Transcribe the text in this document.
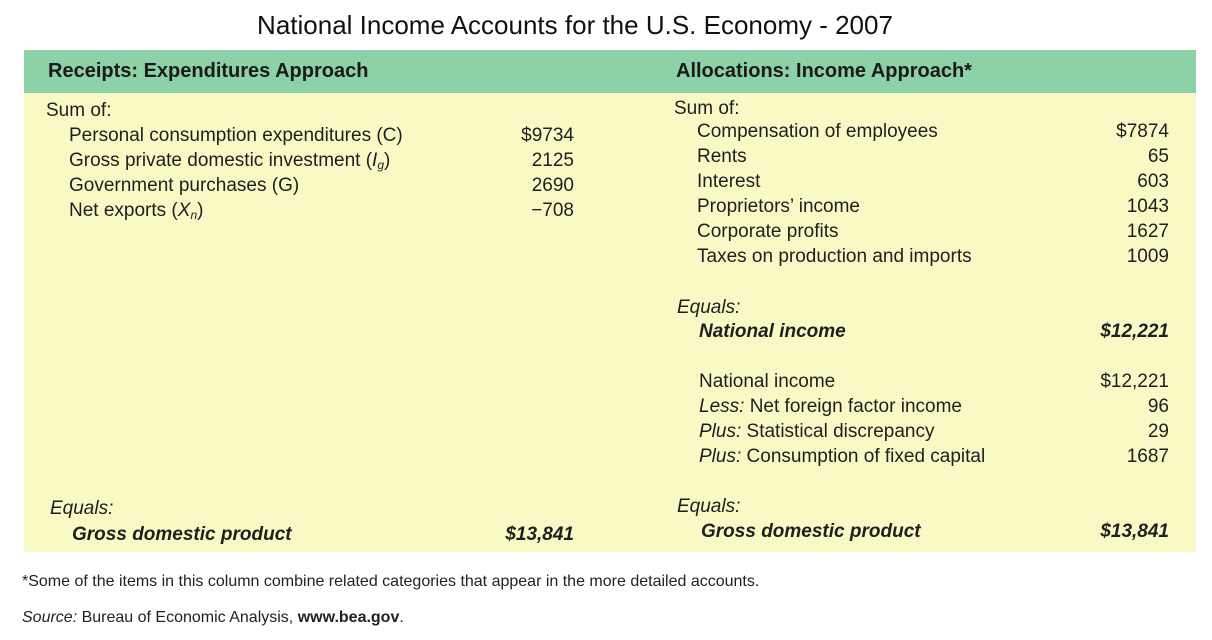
National Income Accounts for the U.S. Economy - 2007
Receipts: Expenditures Approach	Allocations: Income Approach*
Sum of:
Personal consumption expenditures (C)	$9734
Gross private domestic investment $(I_g)$	2125
Government purchases (G)	2690
Net exports $(X_n)$	−708
Equals:
Gross domestic product	$13,841
Sum of:
Compensation of employees	$7874
Rents	65
Interest	603
Proprietors’ income	1043
Corporate profits	1627
Taxes on production and imports	1009
Equals:
National income	$12,221
National income	$12,221
Less: Net foreign factor income	96
Plus: Statistical discrepancy	29
Plus: Consumption of fixed capital	1687
Equals:
Gross domestic product	$13,841
*Some of the items in this column combine related categories that appear in the more detailed accounts.
Source: Bureau of Economic Analysis, www.bea.gov.
